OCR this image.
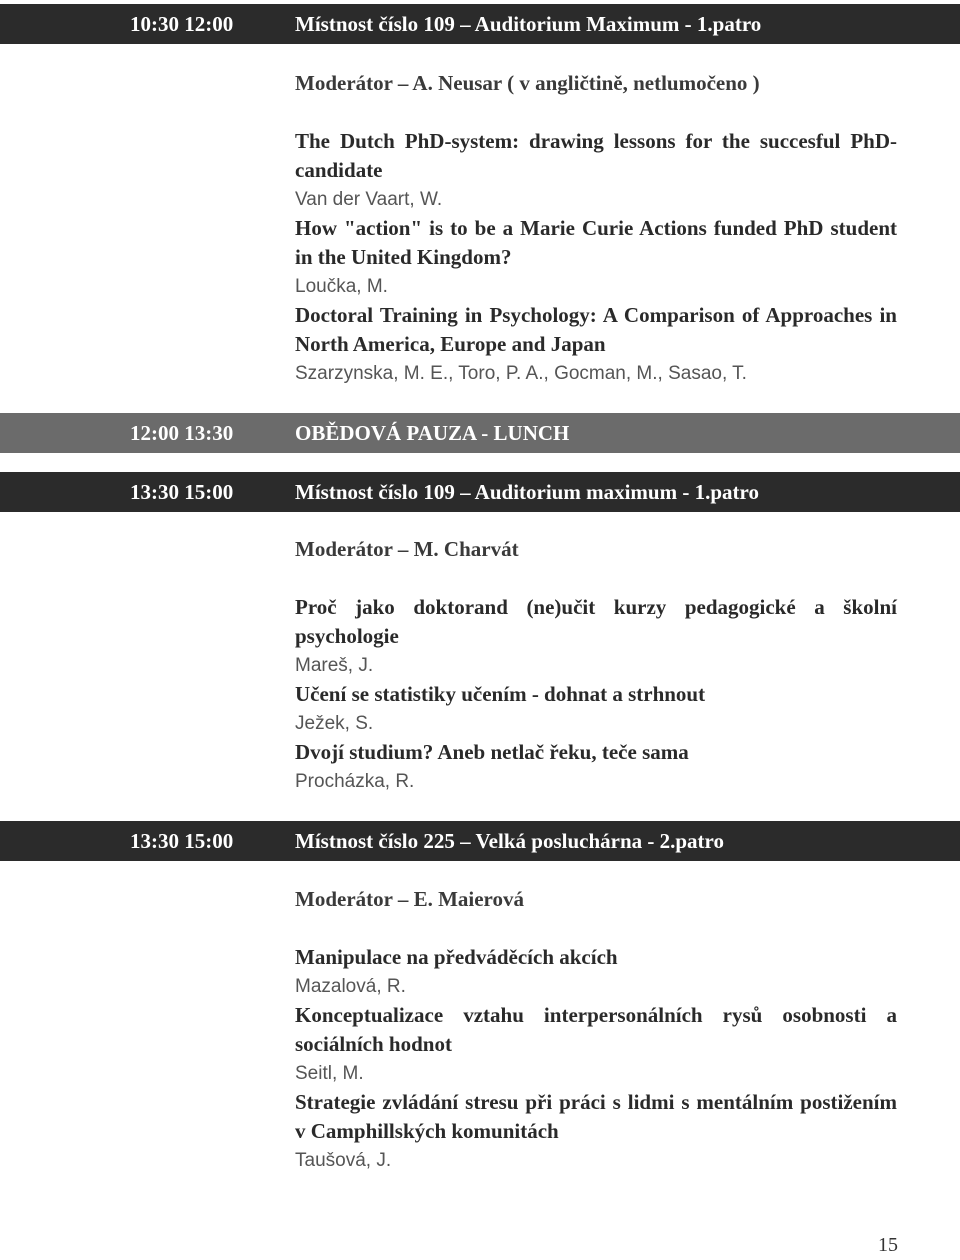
10:30 12:00	Místnost číslo 109 – Auditorium Maximum - 1.patro
Moderátor – A. Neusar ( v angličtině, netlumočeno )
The Dutch PhD-system: drawing lessons for the succesful PhD-candidate
Van der Vaart, W.
How "action" is to be a Marie Curie Actions funded PhD student in the United Kingdom?
Loučka, M.
Doctoral Training in Psychology: A Comparison of Approaches in North America, Europe and Japan
Szarzynska, M. E., Toro, P. A., Gocman, M., Sasao, T.
12:00 13:30	OBĚDOVÁ PAUZA - LUNCH
13:30 15:00	Místnost číslo 109 – Auditorium maximum - 1.patro
Moderátor – M. Charvát
Proč jako doktorand (ne)učit kurzy pedagogické a školní psychologie
Mareš, J.
Učení se statistiky učením - dohnat a strhnout
Ježek, S.
Dvojí studium? Aneb netlač řeku, teče sama
Procházka, R.
13:30 15:00	Místnost číslo 225 – Velká posluchárna - 2.patro
Moderátor – E. Maierová
Manipulace na předváděcích akcích
Mazalová, R.
Konceptualizace vztahu interpersonálních rysů osobnosti a sociálních hodnot
Seitl, M.
Strategie zvládání stresu při práci s lidmi s mentálním postižením v Camphillských komunitách
Taušová, J.
15
